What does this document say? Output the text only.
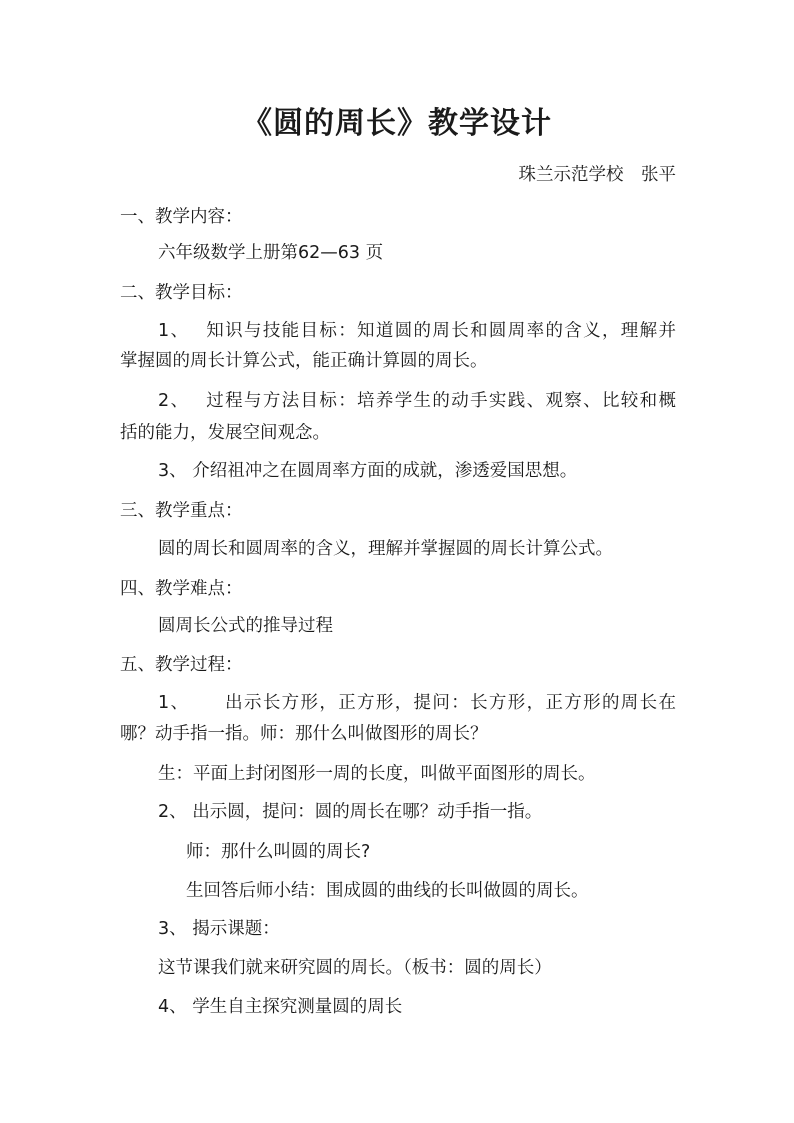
《圆的周长》教学设计
珠兰示范学校　张平
一、教学内容：
六年级数学上册第62—63 页
二、教学目标：
1、　 知识与技能目标：知道圆的周长和圆周率的含义，理解并
掌握圆的周长计算公式，能正确计算圆的周长。
2、　 过程与方法目标：培养学生的动手实践、观察、比较和概
括的能力，发展空间观念。
3、 介绍祖冲之在圆周率方面的成就，渗透爱国思想。
三、教学重点：
圆的周长和圆周率的含义，理解并掌握圆的周长计算公式。
四、教学难点：
圆周长公式的推导过程
五、教学过程：
1、　　 出示长方形，正方形，提问：长方形，正方形的周长在
哪？动手指一指。师：那什么叫做图形的周长？
生：平面上封闭图形一周的长度，叫做平面图形的周长。
2、 出示圆，提问：圆的周长在哪？动手指一指。
师：那什么叫圆的周长?
生回答后师小结：围成圆的曲线的长叫做圆的周长。
3、 揭示课题：
这节课我们就来研究圆的周长。（板书：圆的周长）
4、 学生自主探究测量圆的周长
